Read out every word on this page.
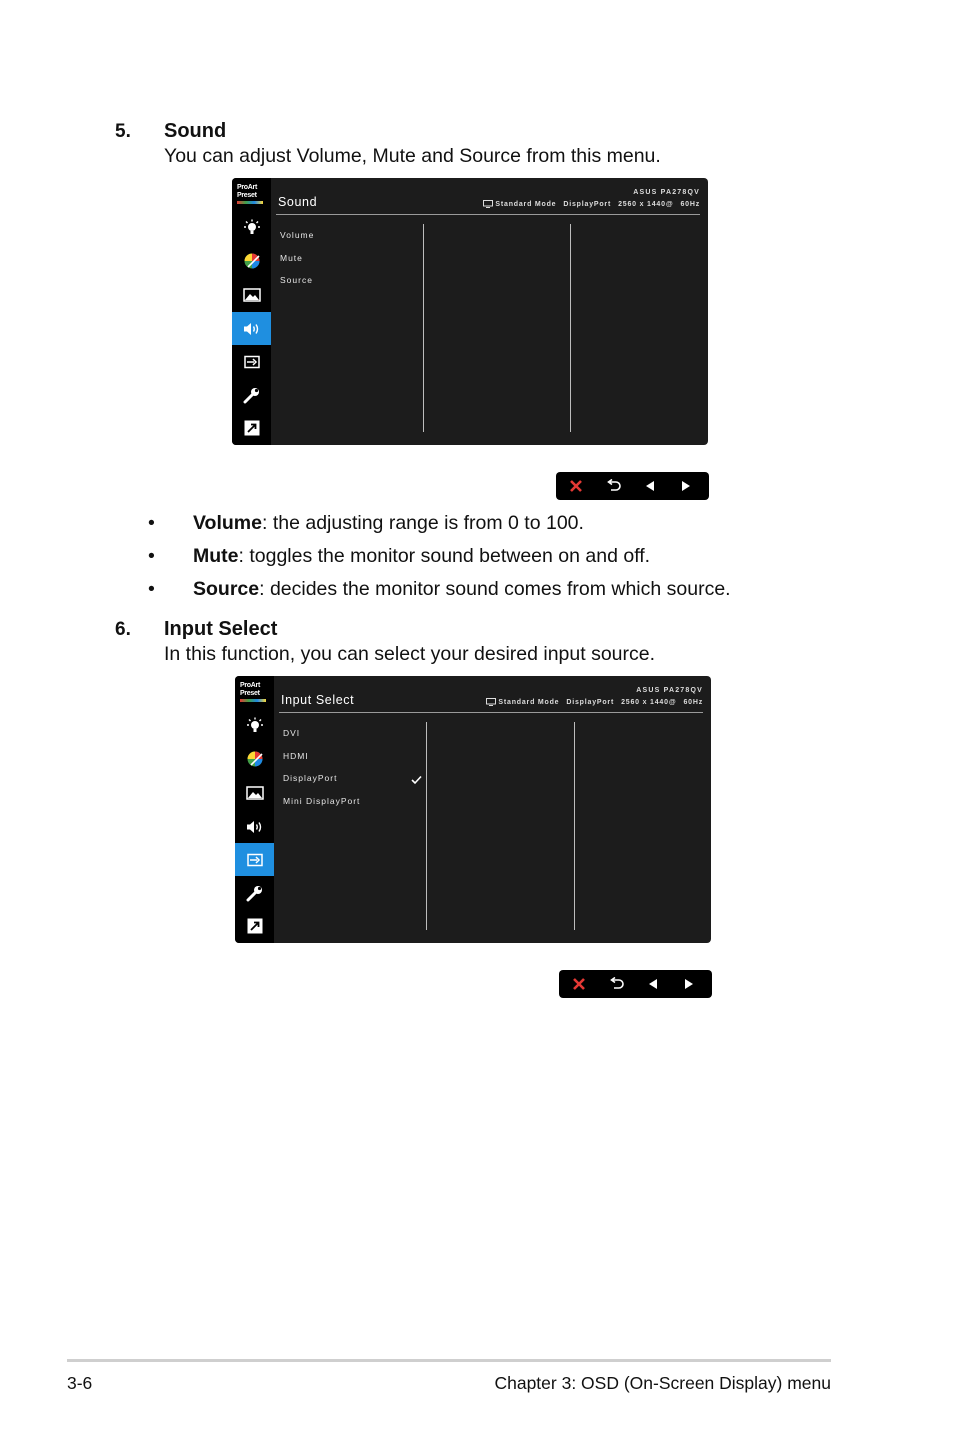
5. Sound
You can adjust Volume, Mute and Source from this menu.
ProArt
Preset	Sound
ASUS PA278QV
Standard Mode DisplayPort 2560 x 1440@ 60Hz
Volume
Mute
Source
• Volume: the adjusting range is from 0 to 100.
• Mute: toggles the monitor sound between on and off.
• Source: decides the monitor sound comes from which source.
6. Input Select
In this function, you can select your desired input source.
ProArt
Preset	Input Select
ASUS PA278QV
Standard Mode DisplayPort 2560 x 1440@ 60Hz
DVI
HDMI
DisplayPort
Mini DisplayPort
3-6	Chapter 3: OSD (On-Screen Display) menu
